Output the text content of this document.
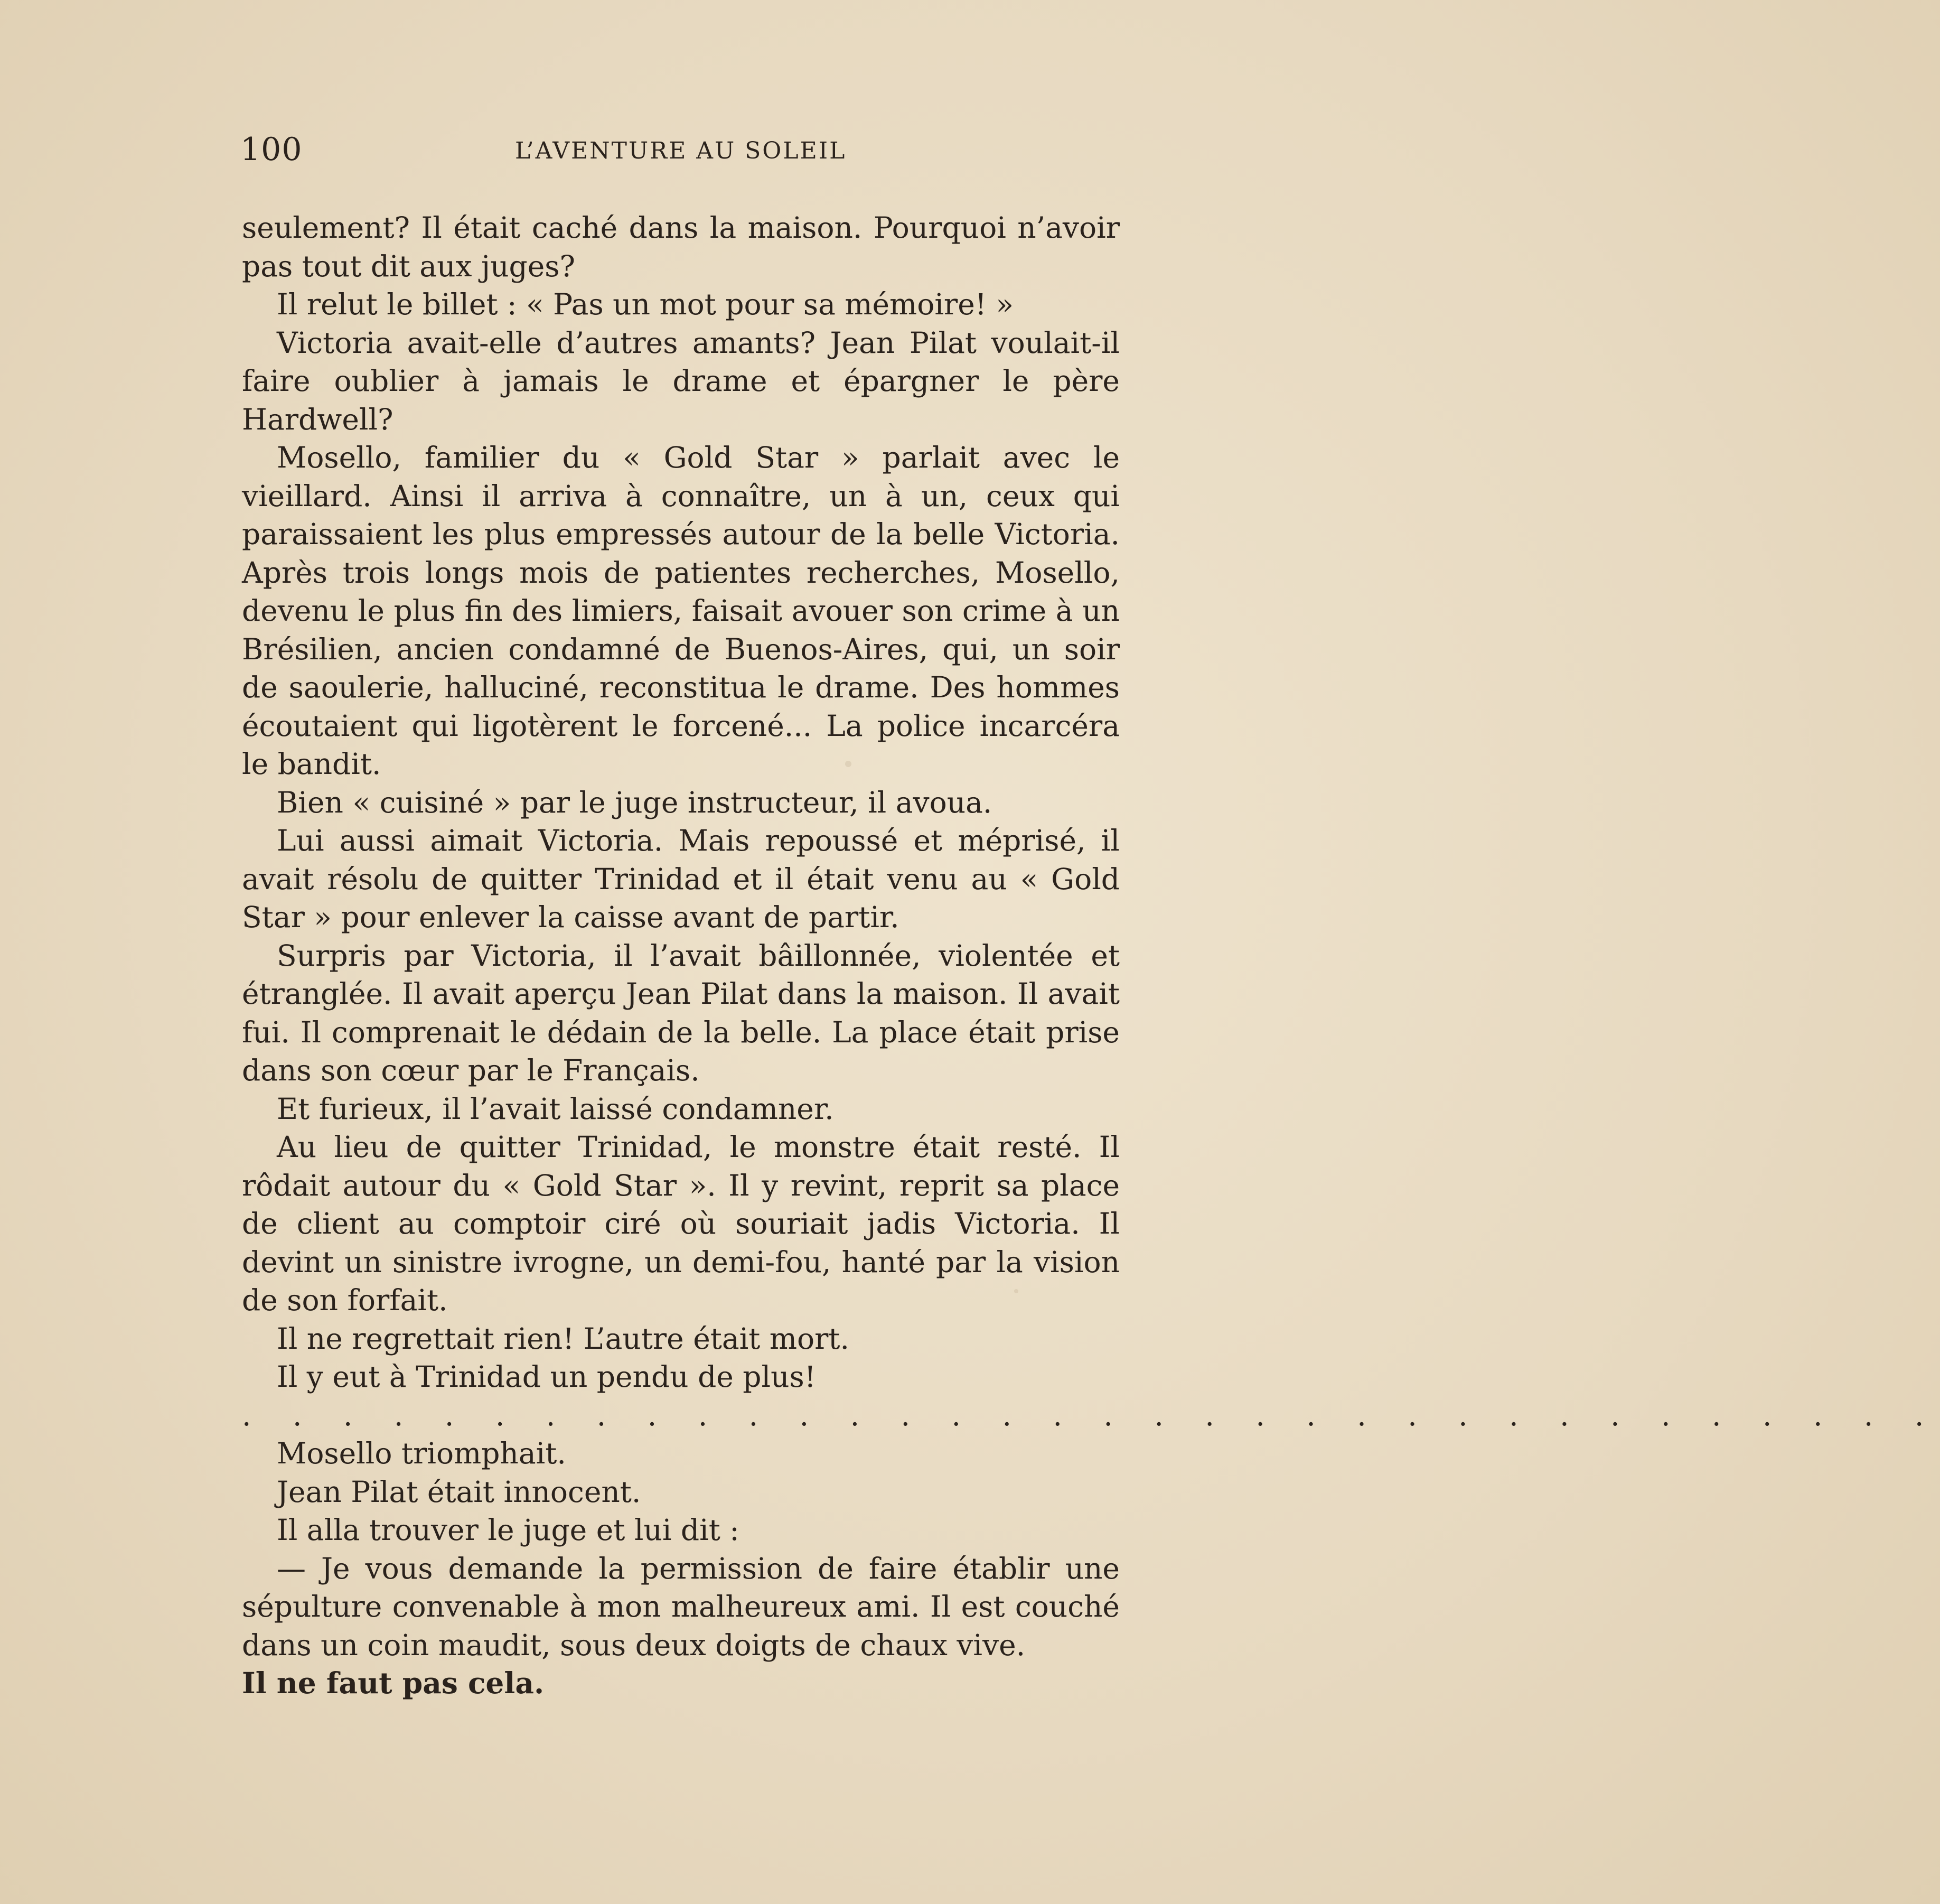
100	L’AVENTURE AU SOLEIL

seulement? Il était caché dans la maison. Pourquoi n’avoir pas tout dit aux juges?

Il relut le billet : « Pas un mot pour sa mémoire! »

Victoria avait-elle d’autres amants? Jean Pilat voulait-il faire oublier à jamais le drame et épargner le père Hardwell?

Mosello, familier du « Gold Star » parlait avec le vieillard. Ainsi il arriva à connaître, un à un, ceux qui paraissaient les plus empressés autour de la belle Victoria. Après trois longs mois de patientes recherches, Mosello, devenu le plus fin des limiers, faisait avouer son crime à un Brésilien, ancien condamné de Buenos-Aires, qui, un soir de saoulerie, halluciné, reconstitua le drame. Des hommes écoutaient qui ligotèrent le forcené... La police incarcéra le bandit.

Bien « cuisiné » par le juge instructeur, il avoua.

Lui aussi aimait Victoria. Mais repoussé et méprisé, il avait résolu de quitter Trinidad et il était venu au « Gold Star » pour enlever la caisse avant de partir.

Surpris par Victoria, il l’avait bâillonnée, violentée et étranglée. Il avait aperçu Jean Pilat dans la maison. Il avait fui. Il comprenait le dédain de la belle. La place était prise dans son cœur par le Français.

Et furieux, il l’avait laissé condamner.

Au lieu de quitter Trinidad, le monstre était resté. Il rôdait autour du « Gold Star ». Il y revint, reprit sa place de client au comptoir ciré où souriait jadis Victoria. Il devint un sinistre ivrogne, un demi-fou, hanté par la vision de son forfait.

Il ne regrettait rien! L’autre était mort.

Il y eut à Trinidad un pendu de plus!

. . . . . . . . . . . . . . . . . . . . . . . . . . . . . . . . . .

Mosello triomphait.

Jean Pilat était innocent.

Il alla trouver le juge et lui dit :

— Je vous demande la permission de faire établir une sépulture convenable à mon malheureux ami. Il est couché dans un coin maudit, sous deux doigts de chaux vive.

Il ne faut pas cela.
